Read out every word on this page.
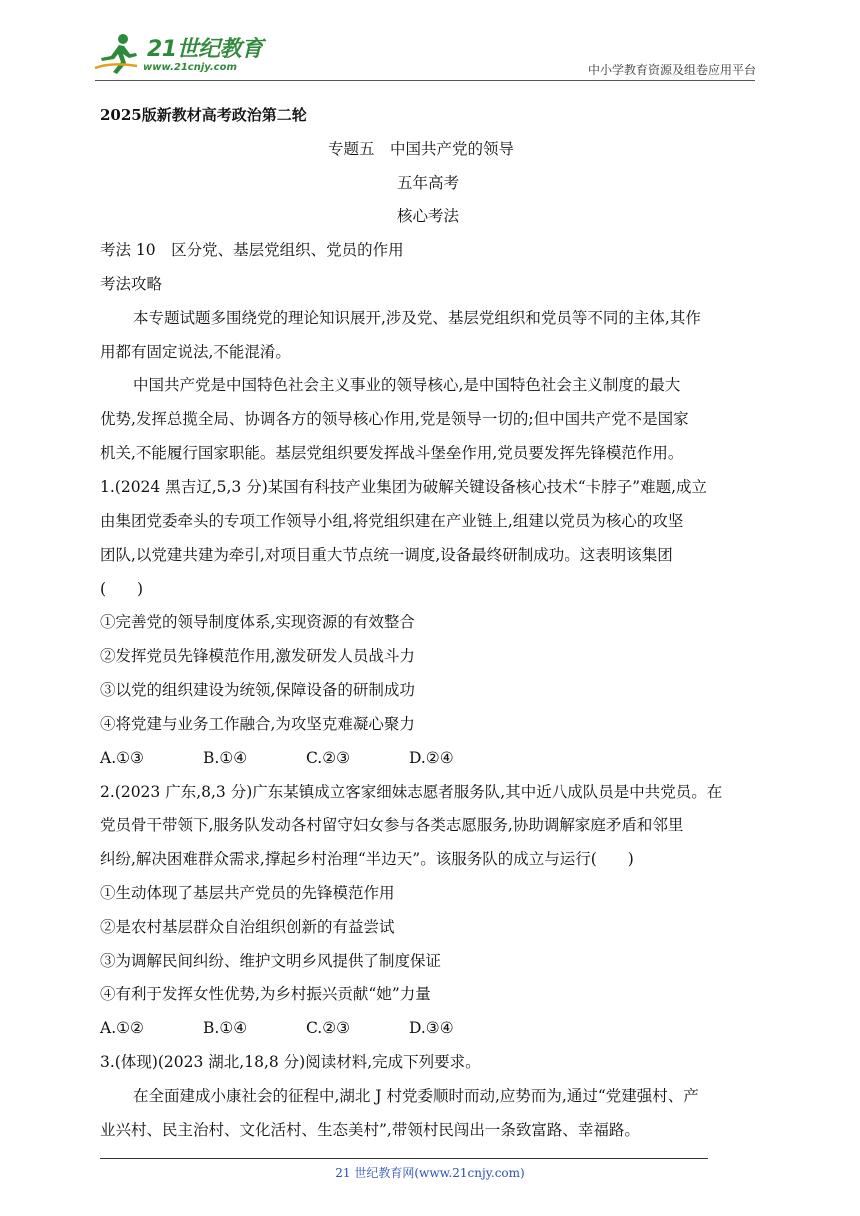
21世纪教育
www.21cnjy.com	中小学教育资源及组卷应用平台
2025版新教材高考政治第二轮
专题五　中国共产党的领导
五年高考
核心考法
考法 10　区分党、基层党组织、党员的作用
考法攻略
本专题试题多围绕党的理论知识展开,涉及党、基层党组织和党员等不同的主体,其作
用都有固定说法,不能混淆。
中国共产党是中国特色社会主义事业的领导核心,是中国特色社会主义制度的最大
优势,发挥总揽全局、协调各方的领导核心作用,党是领导一切的;但中国共产党不是国家
机关,不能履行国家职能。基层党组织要发挥战斗堡垒作用,党员要发挥先锋模范作用。
1.(2024 黑吉辽,5,3 分)某国有科技产业集团为破解关键设备核心技术“卡脖子”难题,成立
由集团党委牵头的专项工作领导小组,将党组织建在产业链上,组建以党员为核心的攻坚
团队,以党建共建为牵引,对项目重大节点统一调度,设备最终研制成功。这表明该集团
(　　)
①完善党的领导制度体系,实现资源的有效整合
②发挥党员先锋模范作用,激发研发人员战斗力
③以党的组织建设为统领,保障设备的研制成功
④将党建与业务工作融合,为攻坚克难凝心聚力
A.①③	B.①④	C.②③	D.②④
2.(2023 广东,8,3 分)广东某镇成立客家细妹志愿者服务队,其中近八成队员是中共党员。在
党员骨干带领下,服务队发动各村留守妇女参与各类志愿服务,协助调解家庭矛盾和邻里
纠纷,解决困难群众需求,撑起乡村治理“半边天”。该服务队的成立与运行(　　)
①生动体现了基层共产党员的先锋模范作用
②是农村基层群众自治组织创新的有益尝试
③为调解民间纠纷、维护文明乡风提供了制度保证
④有利于发挥女性优势,为乡村振兴贡献“她”力量
A.①②	B.①④	C.②③	D.③④
3.(体现)(2023 湖北,18,8 分)阅读材料,完成下列要求。
在全面建成小康社会的征程中,湖北 J 村党委顺时而动,应势而为,通过“党建强村、产
业兴村、民主治村、文化活村、生态美村”,带领村民闯出一条致富路、幸福路。
21 世纪教育网(www.21cnjy.com)
